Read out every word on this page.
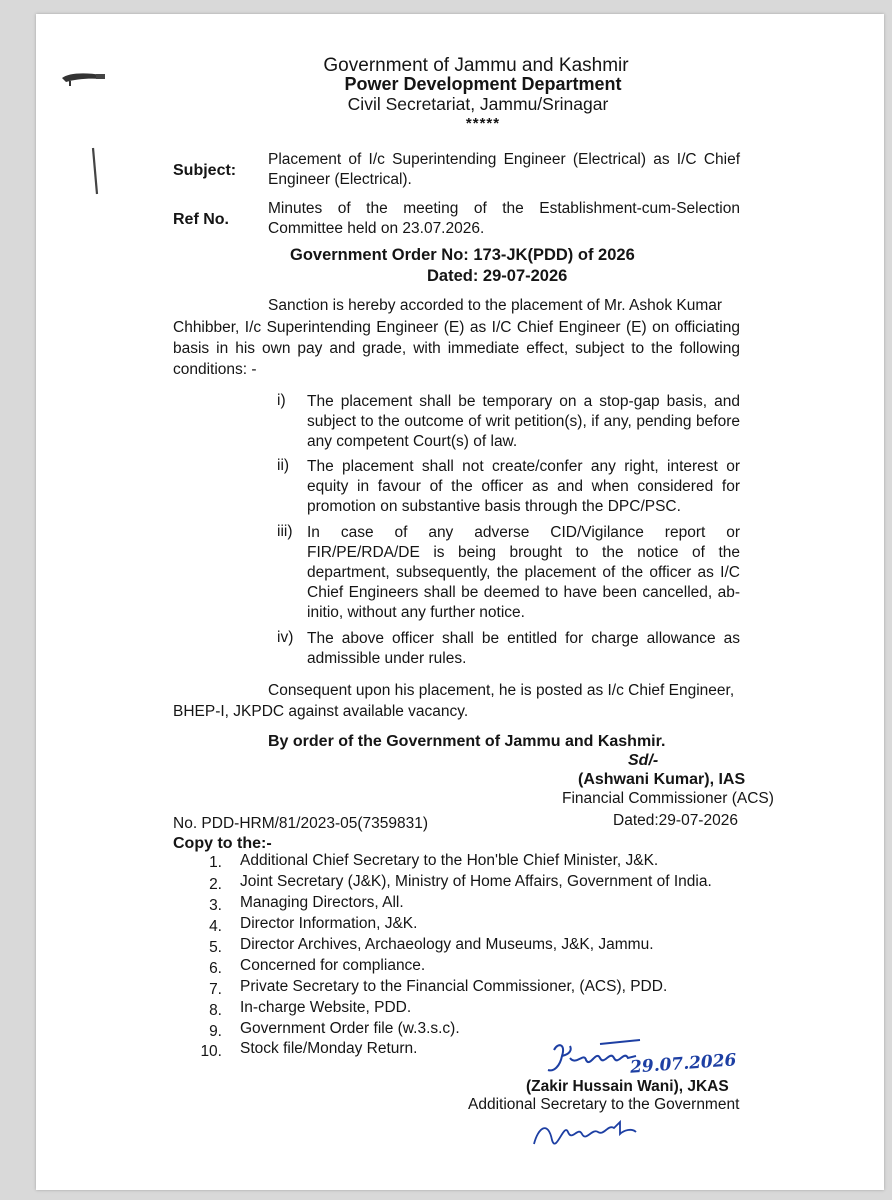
Government of Jammu and Kashmir
Power Development Department
Civil Secretariat, Jammu/Srinagar
*****
Subject:
Placement of I/c Superintending Engineer (Electrical) as I/C Chief Engineer (Electrical).
Ref No.
Minutes of the meeting of the Establishment-cum-Selection Committee held on 23.07.2026.
Government Order No: 173-JK(PDD) of 2026
Dated: 29-07-2026
Sanction is hereby accorded to the placement of Mr. Ashok Kumar
Chhibber, I/c Superintending Engineer (E) as I/C Chief Engineer (E) on officiating basis in his own pay and grade, with immediate effect, subject to the following conditions: -
i) The placement shall be temporary on a stop-gap basis, and subject to the outcome of writ petition(s), if any, pending before any competent Court(s) of law.
ii) The placement shall not create/confer any right, interest or equity in favour of the officer as and when considered for promotion on substantive basis through the DPC/PSC.
iii) In case of any adverse CID/Vigilance report or FIR/PE/RDA/DE is being brought to the notice of the department, subsequently, the placement of the officer as I/C Chief Engineers shall be deemed to have been cancelled, ab-initio, without any further notice.
iv) The above officer shall be entitled for charge allowance as admissible under rules.
Consequent upon his placement, he is posted as I/c Chief Engineer,
BHEP-I, JKPDC against available vacancy.
By order of the Government of Jammu and Kashmir.
Sd/-
(Ashwani Kumar), IAS
Financial Commissioner (ACS)
No. PDD-HRM/81/2023-05(7359831)	Dated:29-07-2026
Copy to the:-
1. Additional Chief Secretary to the Hon'ble Chief Minister, J&K.
2. Joint Secretary (J&K), Ministry of Home Affairs, Government of India.
3. Managing Directors, All.
4. Director Information, J&K.
5. Director Archives, Archaeology and Museums, J&K, Jammu.
6. Concerned for compliance.
7. Private Secretary to the Financial Commissioner, (ACS), PDD.
8. In-charge Website, PDD.
9. Government Order file (w.3.s.c).
10. Stock file/Monday Return.
29.07.2026
(Zakir Hussain Wani), JKAS
Additional Secretary to the Government
